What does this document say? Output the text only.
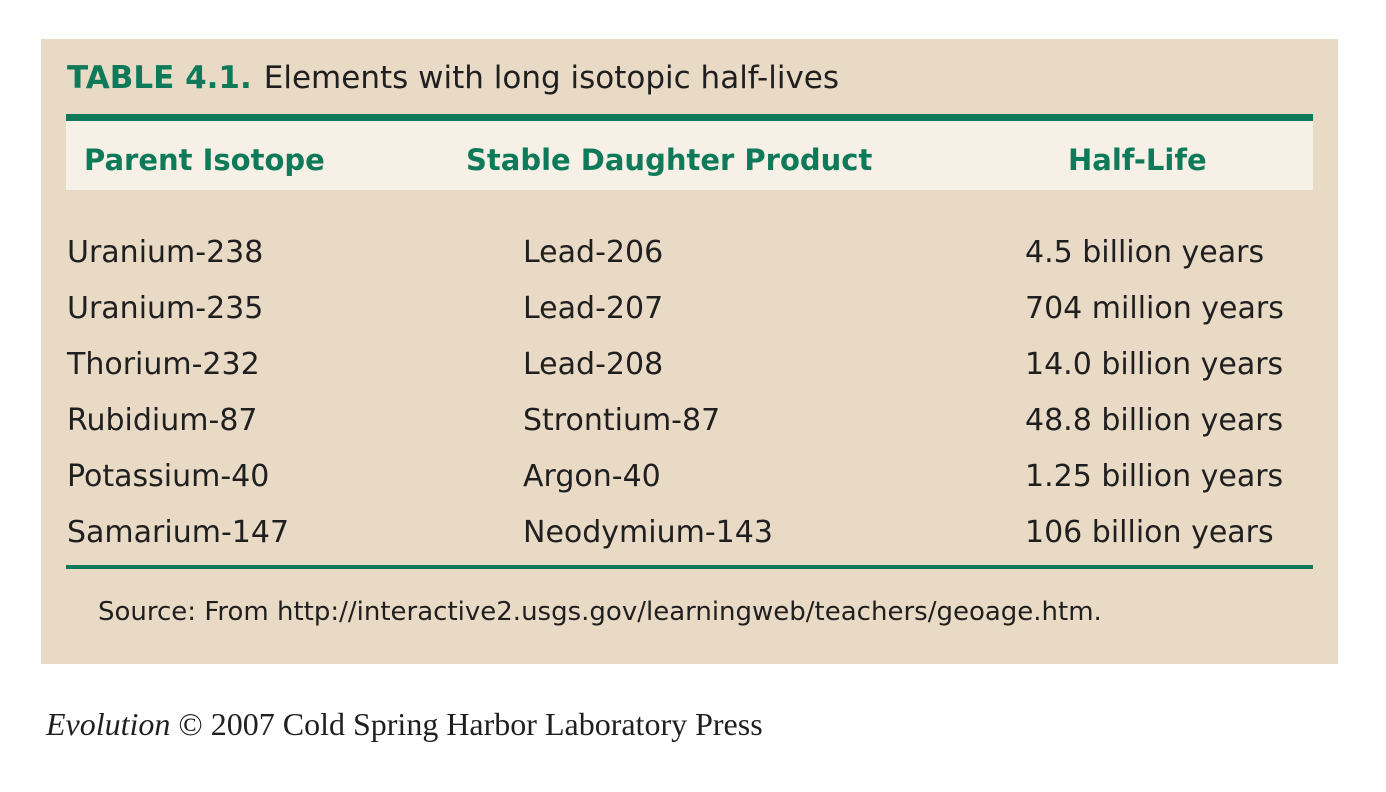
TABLE 4.1. Elements with long isotopic half-lives
Parent Isotope	Stable Daughter Product	Half-Life
Uranium-238	Lead-206	4.5 billion years
Uranium-235	Lead-207	704 million years
Thorium-232	Lead-208	14.0 billion years
Rubidium-87	Strontium-87	48.8 billion years
Potassium-40	Argon-40	1.25 billion years
Samarium-147	Neodymium-143	106 billion years
Source: From http://interactive2.usgs.gov/learningweb/teachers/geoage.htm.
Evolution © 2007 Cold Spring Harbor Laboratory Press
